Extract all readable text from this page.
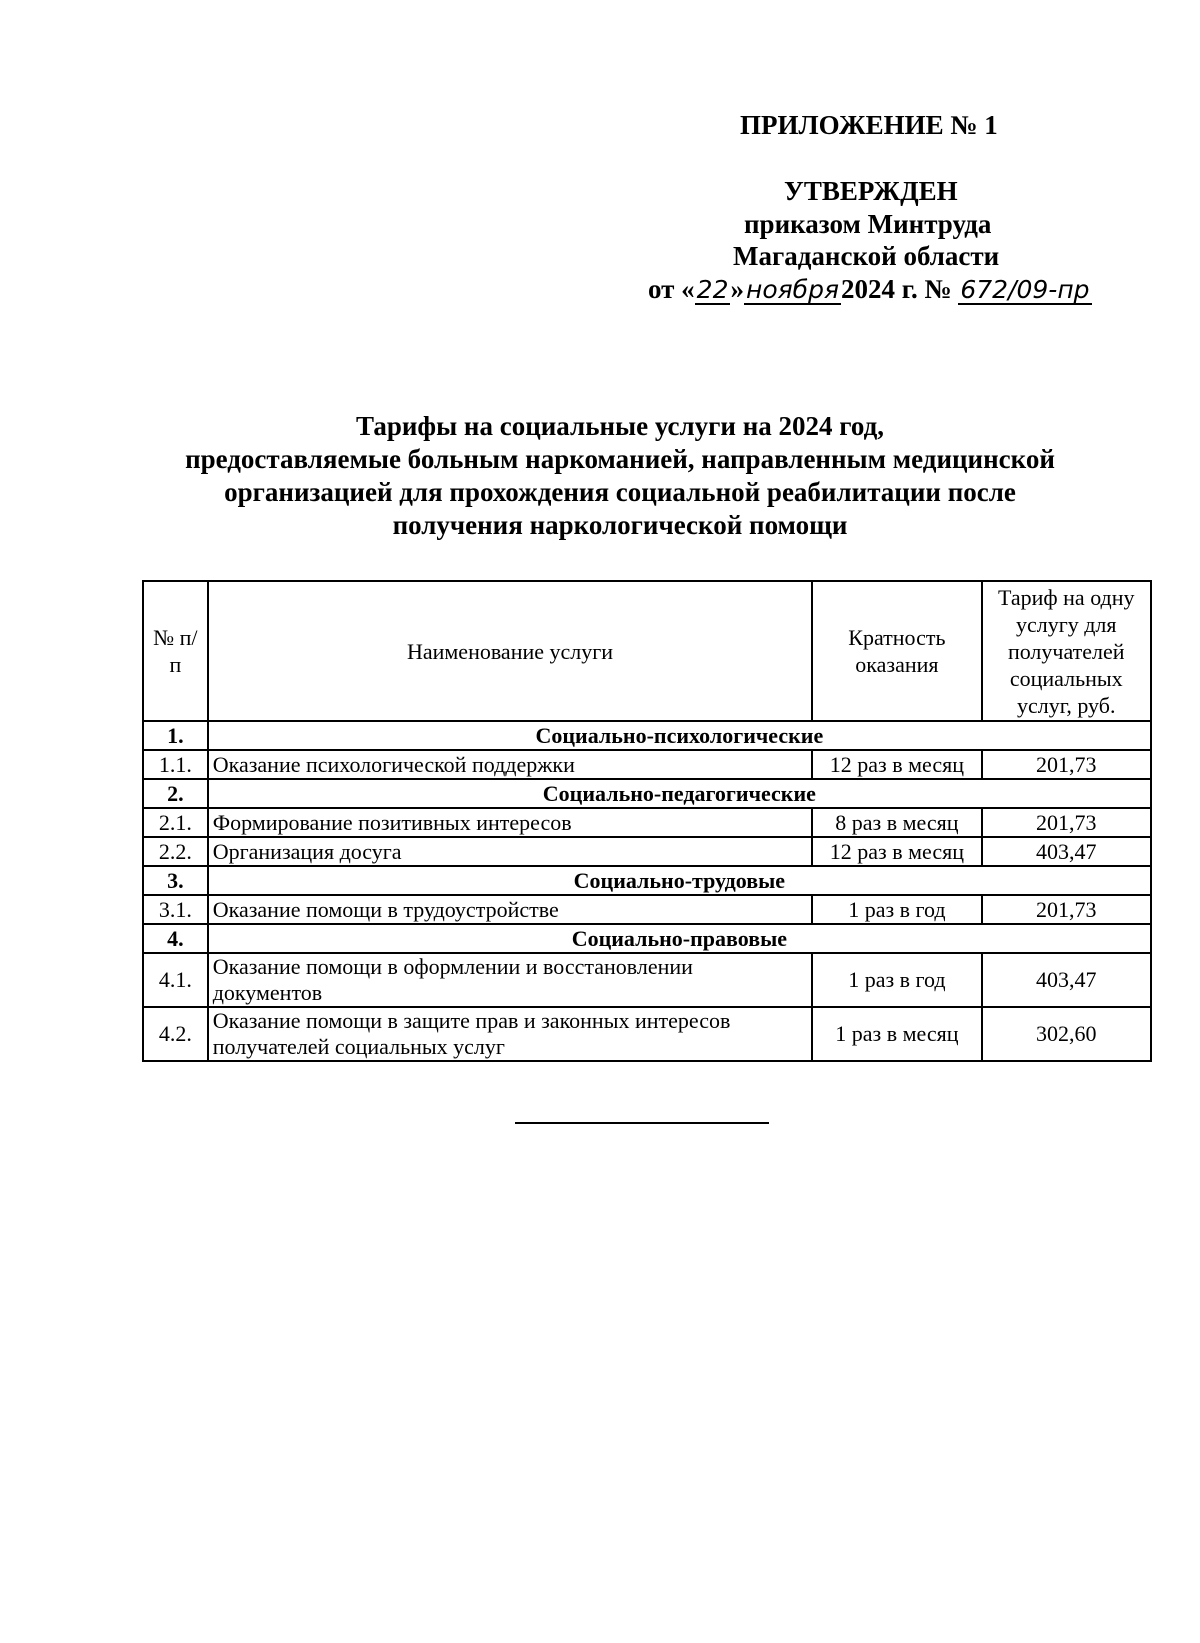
ПРИЛОЖЕНИЕ № 1
УТВЕРЖДЕН
приказом Минтруда
Магаданской области
от «22»ноября2024 г. № 672/09-пр
Тарифы на социальные услуги на 2024 год,
предоставляемые больным наркоманией, направленным медицинской
организацией для прохождения социальной реабилитации после
получения наркологической помощи
№ п/п	Наименование услуги	Кратность оказания	Тариф на одну услугу для получателей социальных услуг, руб.
1.	Социально-психологические		
1.1.	Оказание психологической поддержки	12 раз в месяц	201,73
2.	Социально-педагогические		
2.1.	Формирование позитивных интересов	8 раз в месяц	201,73
2.2.	Организация досуга	12 раз в месяц	403,47
3.	Социально-трудовые		
3.1.	Оказание помощи в трудоустройстве	1 раз в год	201,73
4.	Социально-правовые		
4.1.	Оказание помощи в оформлении и восстановлении документов	1 раз в год	403,47
4.2.	Оказание помощи в защите прав и законных интересов получателей социальных услуг	1 раз в месяц	302,60
